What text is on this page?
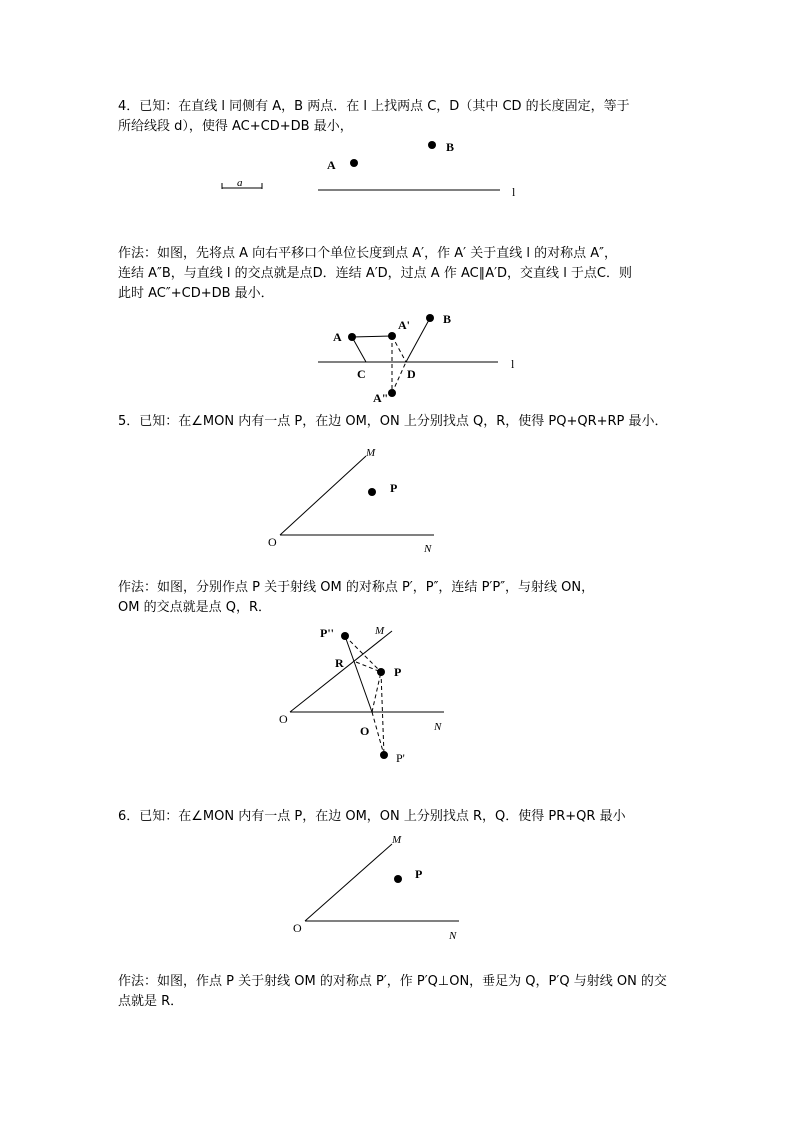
4．已知：在直线 l 同侧有 A，B 两点．在 l 上找两点 C，D（其中 CD 的长度固定，等于
所给线段 d），使得 AC+CD+DB 最小，
作法：如图，先将点 A 向右平移口个单位长度到点 A′，作 A′ 关于直线 l 的对称点 A″，
连结 A″B，与直线 l 的交点就是点D．连结 A′D，过点 A 作 AC∥A′D，交直线 l 于点C．则
此时 AC″+CD+DB 最小．
5．已知：在∠MON 内有一点 P，在边 OM，ON 上分别找点 Q，R，使得 PQ+QR+RP 最小．
作法：如图，分别作点 P 关于射线 OM 的对称点 P′，P″，连结 P′P″，与射线 ON，
OM 的交点就是点 Q，R．
6．已知：在∠MON 内有一点 P，在边 OM，ON 上分别找点 R，Q．使得 PR+QR 最小
作法：如图，作点 P 关于射线 OM 的对称点 P′，作 P′Q⊥ON，垂足为 Q，P′Q 与射线 ON 的交
点就是 R．
a
l
A
B
l
A
A'	B
C	D
A"
M
N
O
P
P''	M
R
P
O
O	N
P'
M
N
O
P
